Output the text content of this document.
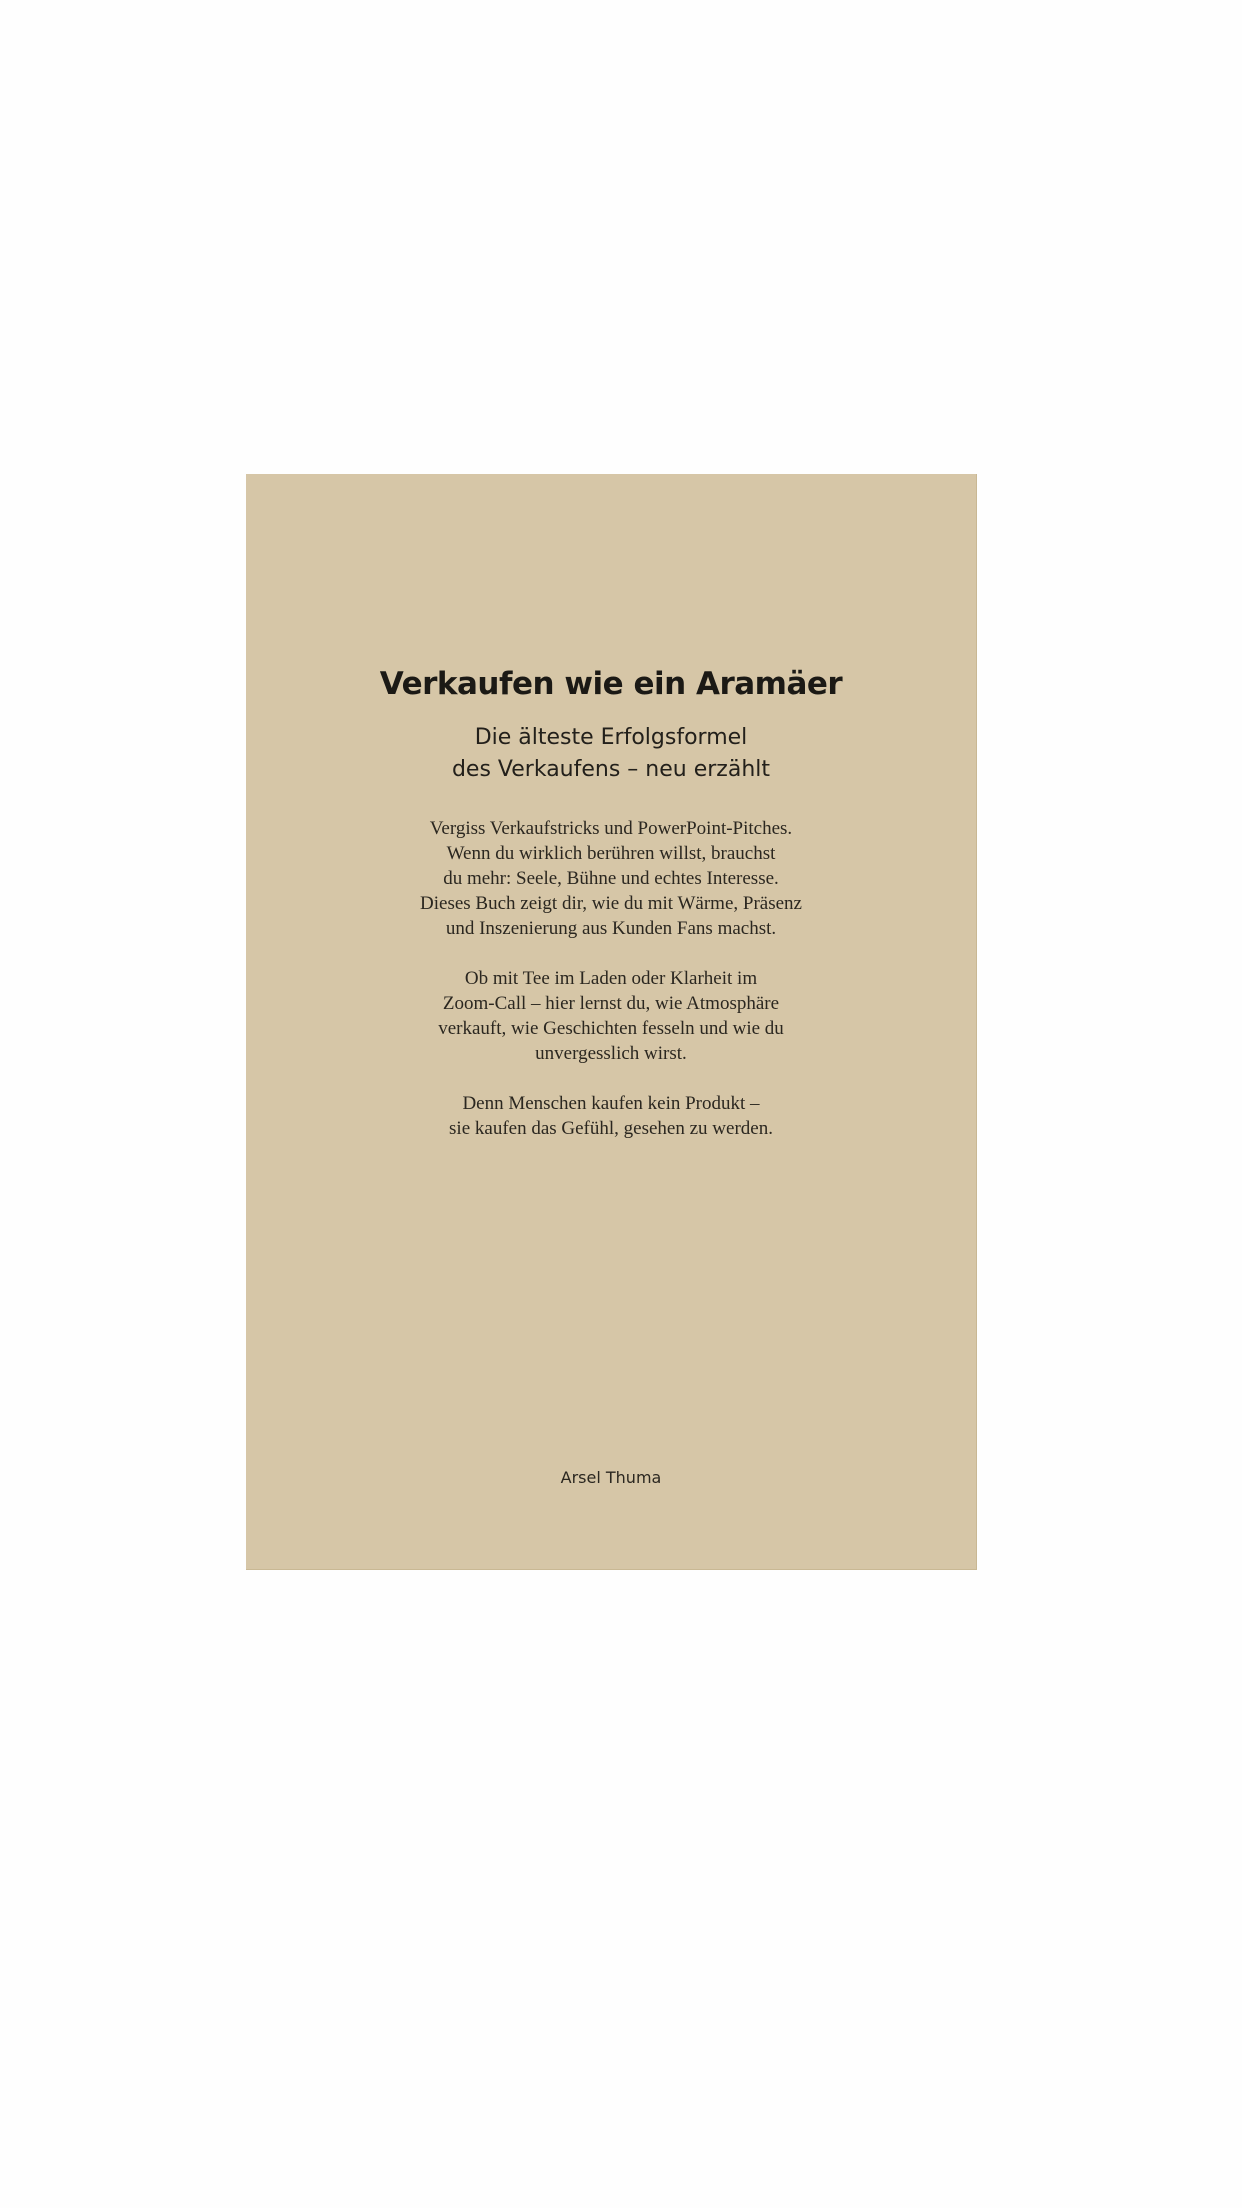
Verkaufen wie ein Aramäer

Die älteste Erfolgsformel
des Verkaufens – neu erzählt

Vergiss Verkaufstricks und PowerPoint-Pitches.
Wenn du wirklich berühren willst, brauchst
du mehr: Seele, Bühne und echtes Interesse.
Dieses Buch zeigt dir, wie du mit Wärme, Präsenz
und Inszenierung aus Kunden Fans machst.

Ob mit Tee im Laden oder Klarheit im
Zoom-Call – hier lernst du, wie Atmosphäre
verkauft, wie Geschichten fesseln und wie du
unvergesslich wirst.

Denn Menschen kaufen kein Produkt –
sie kaufen das Gefühl, gesehen zu werden.

Arsel Thuma
